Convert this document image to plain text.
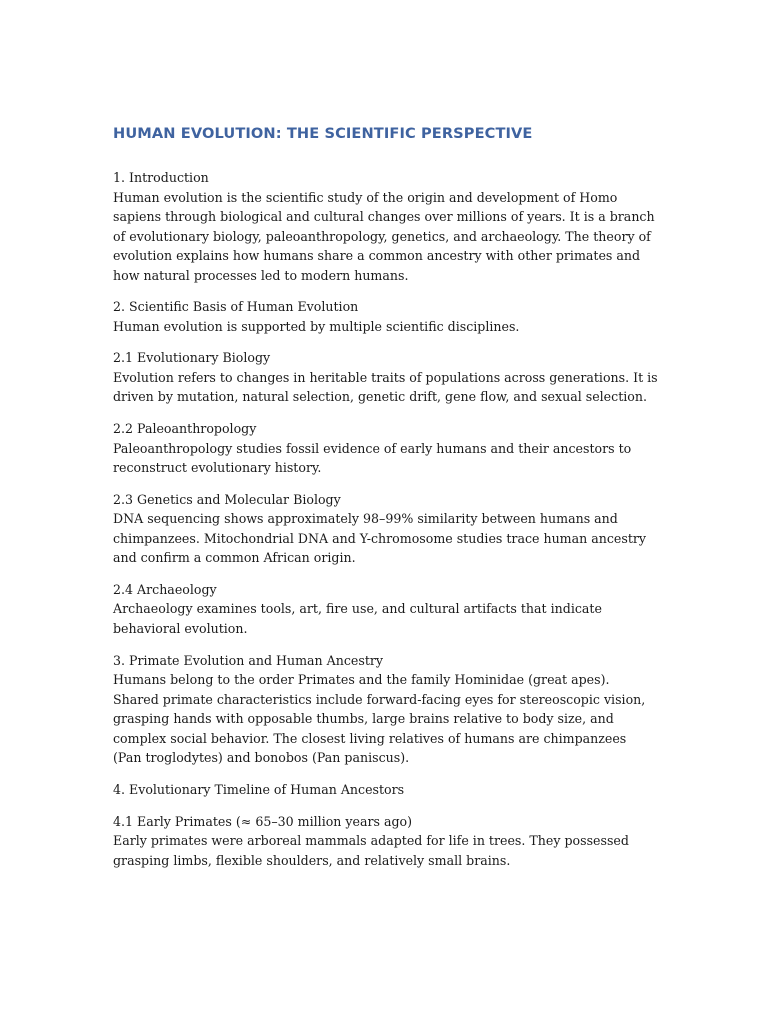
HUMAN EVOLUTION: THE SCIENTIFIC PERSPECTIVE

1. Introduction

Human evolution is the scientific study of the origin and development of Homo sapiens through biological and cultural changes over millions of years. It is a branch of evolutionary biology, paleoanthropology, genetics, and archaeology. The theory of evolution explains how humans share a common ancestry with other primates and how natural processes led to modern humans.

2. Scientific Basis of Human Evolution

Human evolution is supported by multiple scientific disciplines.

2.1 Evolutionary Biology

Evolution refers to changes in heritable traits of populations across generations. It is driven by mutation, natural selection, genetic drift, gene flow, and sexual selection.

2.2 Paleoanthropology

Paleoanthropology studies fossil evidence of early humans and their ancestors to reconstruct evolutionary history.

2.3 Genetics and Molecular Biology

DNA sequencing shows approximately 98–99% similarity between humans and chimpanzees. Mitochondrial DNA and Y-chromosome studies trace human ancestry and confirm a common African origin.

2.4 Archaeology

Archaeology examines tools, art, fire use, and cultural artifacts that indicate behavioral evolution.

3. Primate Evolution and Human Ancestry

Humans belong to the order Primates and the family Hominidae (great apes). Shared primate characteristics include forward-facing eyes for stereoscopic vision, grasping hands with opposable thumbs, large brains relative to body size, and complex social behavior. The closest living relatives of humans are chimpanzees (Pan troglodytes) and bonobos (Pan paniscus).

4. Evolutionary Timeline of Human Ancestors

4.1 Early Primates (≈ 65–30 million years ago)

Early primates were arboreal mammals adapted for life in trees. They possessed grasping limbs, flexible shoulders, and relatively small brains.
